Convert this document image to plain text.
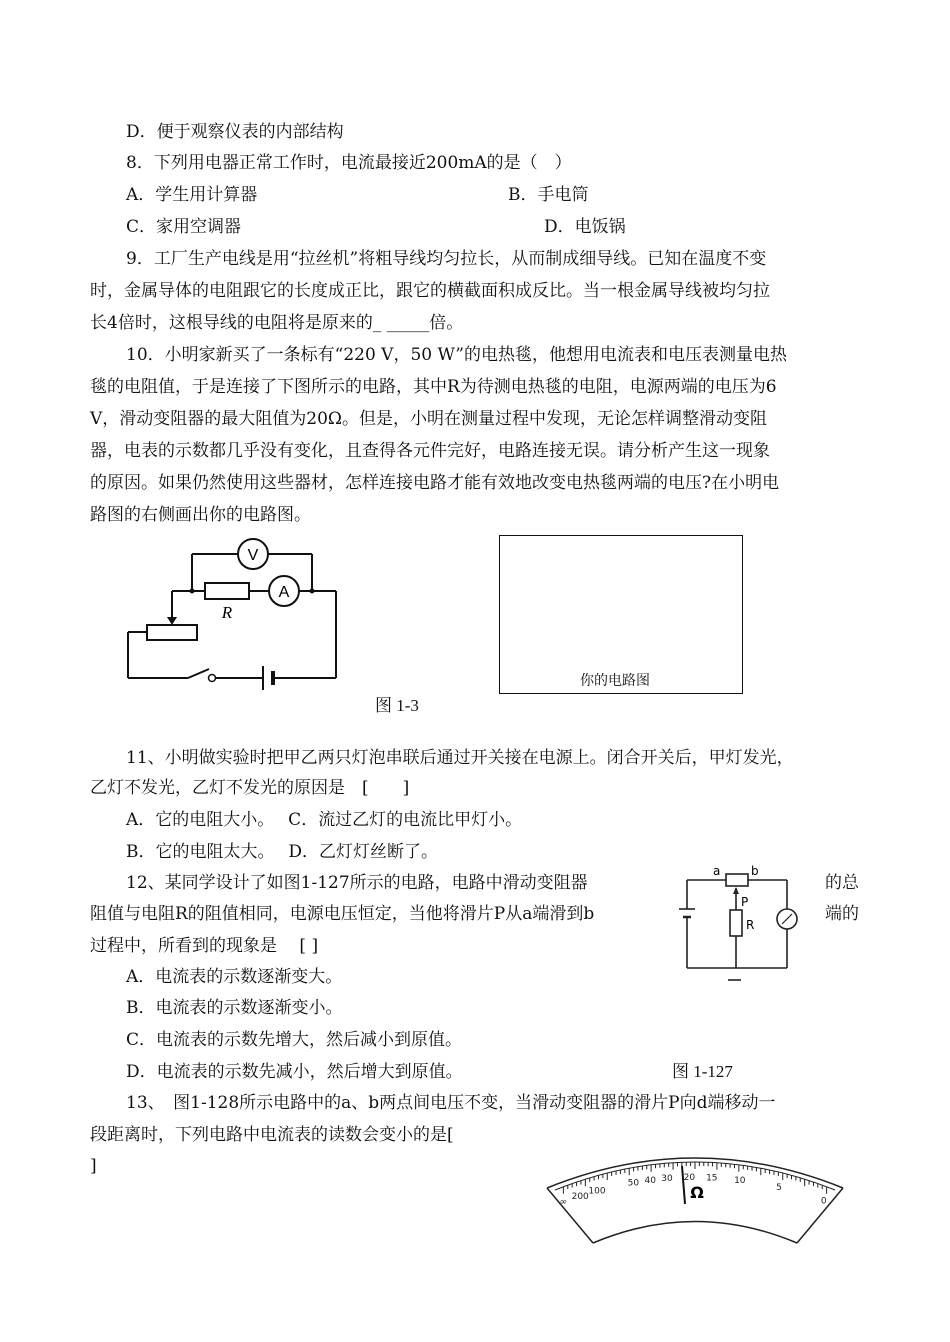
D．便于观察仪表的内部结构
8．下列用电器正常工作时，电流最接近200mA的是（　）
A．学生用计算器	B．手电筒
C．家用空调器	D．电饭锅
9．工厂生产电线是用“拉丝机”将粗导线均匀拉长，从而制成细导线。已知在温度不变
时，金属导体的电阻跟它的长度成正比，跟它的横截面积成反比。当一根金属导线被均匀拉
长4倍时，这根导线的电阻将是原来的_ _____倍。
10．小明家新买了一条标有“220 V，50 W”的电热毯，他想用电流表和电压表测量电热
毯的电阻值，于是连接了下图所示的电路，其中R为待测电热毯的电阻，电源两端的电压为6
V，滑动变阻器的最大阻值为20Ω。但是，小明在测量过程中发现，无论怎样调整滑动变阻
器，电表的示数都几乎没有变化，且查得各元件完好，电路连接无误。请分析产生这一现象
的原因。如果仍然使用这些器材，怎样连接电路才能有效地改变电热毯两端的电压?在小明电
路图的右侧画出你的电路图。
V
A
R
图 1-3
你的电路图
11、小明做实验时把甲乙两只灯泡串联后通过开关接在电源上。闭合开关后，甲灯发光，
乙灯不发光，乙灯不发光的原因是　[　　]
A．它的电阻大小。　 C．流过乙灯的电流比甲灯小。
B．它的电阻太大。　 D．乙灯灯丝断了。
12、某同学设计了如图1-127所示的电路，电路中滑动变阻器	的总
阻值与电阻R的阻值相同，电源电压恒定，当他将滑片P从a端滑到b	端的
过程中，所看到的现象是　 [ ]
a	b
P
R
A．电流表的示数逐渐变大。
B．电流表的示数逐渐变小。
C．电流表的示数先增大，然后减小到原值。
D．电流表的示数先减小，然后增大到原值。	图 1-127
13、　图1-128所示电路中的a、b两点间电压不变，当滑动变阻器的滑片P向d端移动一
段距离时，下列电路中电流表的读数会变小的是[
]
∞
200
100
50 40 30 20 15 10
5
0
Ω
